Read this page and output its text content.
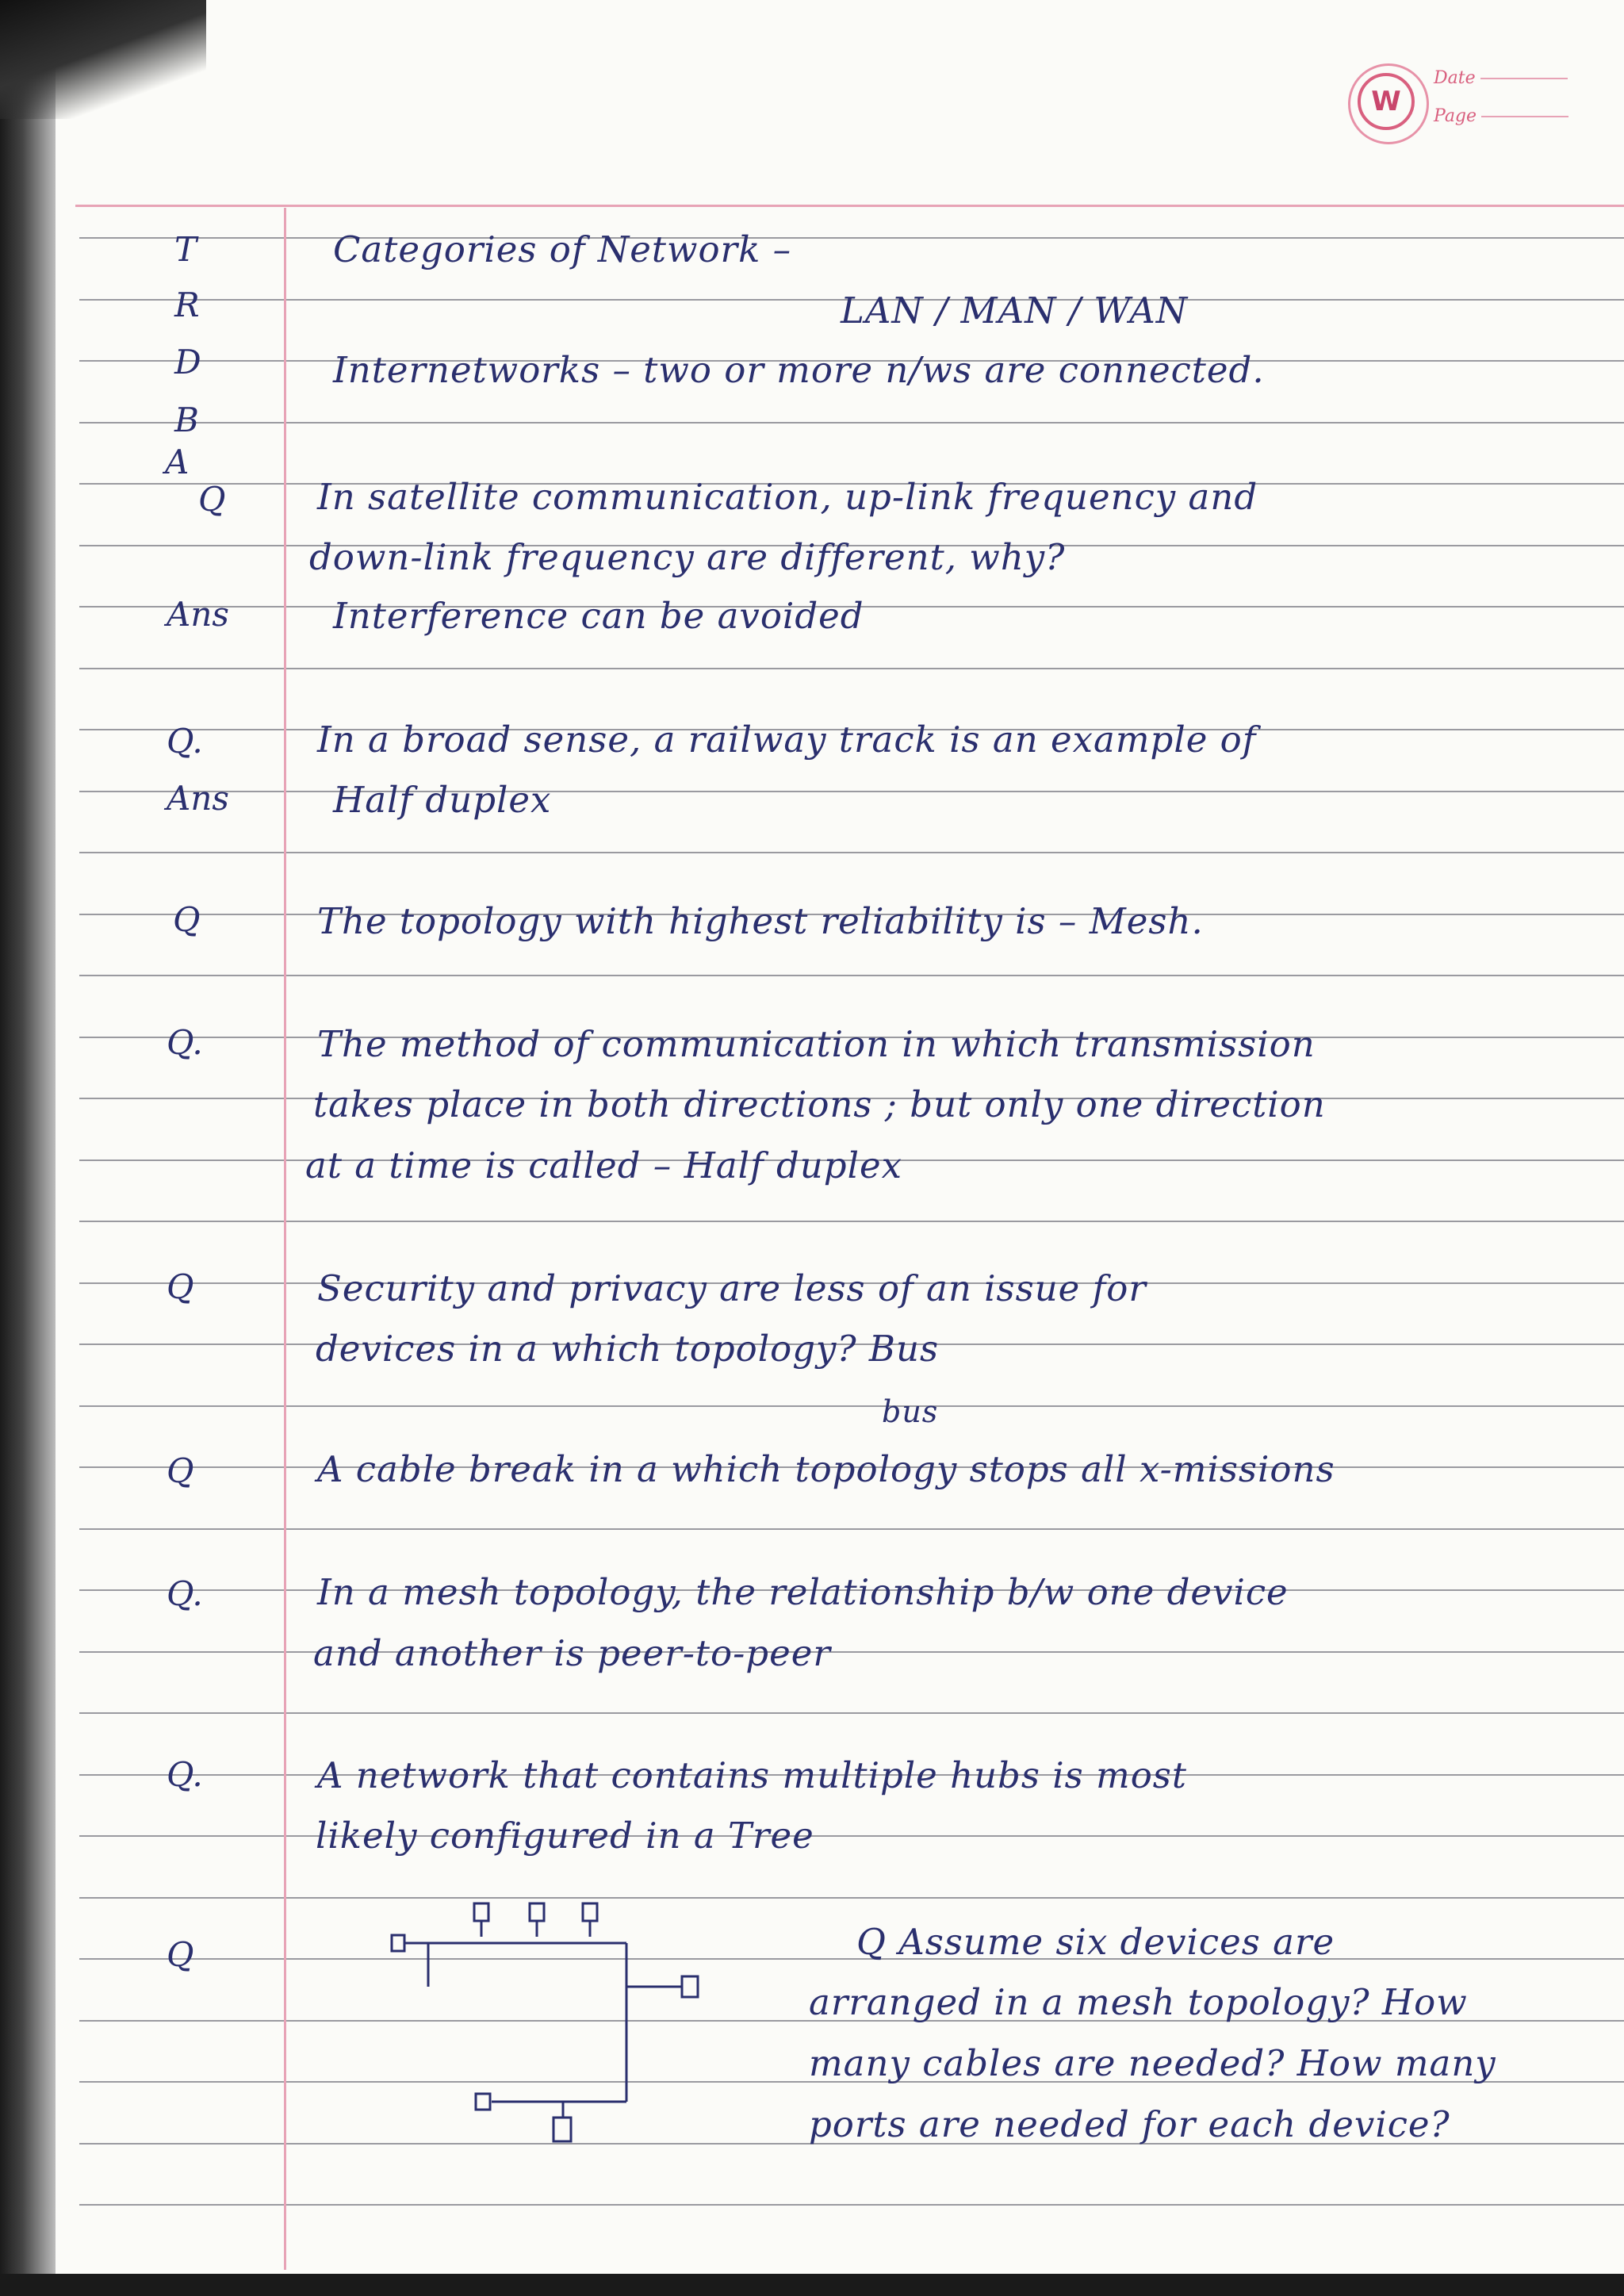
W
Date
Page
T
R
D
B
A
Categories of Network –
LAN / MAN / WAN
Internetworks – two or more n/ws are connected.
Q	In satellite communication, up-link frequency and
down-link frequency are different, why?
Ans	Interference can be avoided
Q.	In a broad sense, a railway track is an example of
Ans	Half duplex
Q	The topology with highest reliability is – Mesh.
Q.	The method of communication in which transmission
takes place in both directions ; but only one direction
at a time is called – Half duplex
Q	Security and privacy are less of an issue for
devices in a which topology? Bus
Q
bus
A cable break in a which topology stops all x-missions
Q.	In a mesh topology, the relationship b/w one device
and another is peer-to-peer
Q.	A network that contains multiple hubs is most
likely configured in a Tree
Q	Q Assume six devices are
arranged in a mesh topology? How
many cables are needed? How many
ports are needed for each device?
